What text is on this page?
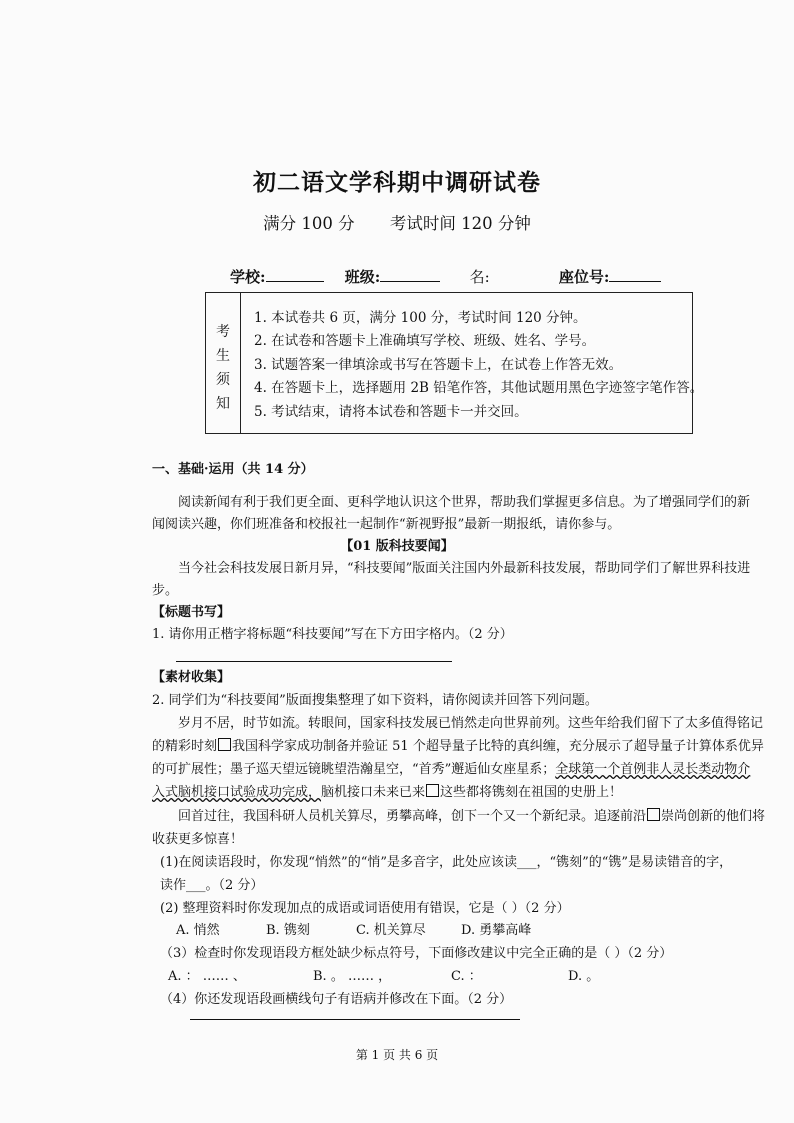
初二语文学科期中调研试卷
满分 100 分 考试时间 120 分钟
学校:	班级:	名:	座位号:
考
生
须
知
1. 本试卷共 6 页，满分 100 分，考试时间 120 分钟。
2. 在试卷和答题卡上准确填写学校、班级、姓名、学号。
3. 试题答案一律填涂或书写在答题卡上，在试卷上作答无效。
4. 在答题卡上，选择题用 2B 铅笔作答，其他试题用黑色字迹签字笔作答。
5. 考试结束，请将本试卷和答题卡一并交回。
一、基础·运用（共 14 分）
阅读新闻有利于我们更全面、更科学地认识这个世界，帮助我们掌握更多信息。为了增强同学们的新
闻阅读兴趣，你们班准备和校报社一起制作“新视野报”最新一期报纸，请你参与。
【01 版科技要闻】
当今社会科技发展日新月异，“科技要闻”版面关注国内外最新科技发展，帮助同学们了解世界科技进
步。
【标题书写】
1. 请你用正楷字将标题“科技要闻”写在下方田字格内。（2 分）
【素材收集】
2. 同学们为“科技要闻”版面搜集整理了如下资料，请你阅读并回答下列问题。
岁月不居，时节如流。转眼间，国家科技发展已悄然走向世界前列。这些年给我们留下了太多值得铭记
的精彩时刻 我国科学家成功制备并验证 51 个超导量子比特的真纠缠，充分展示了超导量子计算体系优异
的可扩展性；墨子巡天望远镜眺望浩瀚星空，“首秀”邂逅仙女座星系；全球第一个首例非人灵长类动物介
入式脑机接口试验成功完成，脑机接口未来已来 这些都将镌刻在祖国的史册上！
回首过往，我国科研人员机关算尽，勇攀高峰，创下一个又一个新纪录。追逐前沿 崇尚创新的他们将
收获更多惊喜！
(1)在阅读语段时，你发现“悄然”的“悄”是多音字，此处应该读___，“镌刻”的“镌”是易读错音的字，
读作___。（2 分）
(2) 整理资料时你发现加点的成语或词语使用有错误，它是（ ）（2 分）
A. 悄然	B. 镌刻	C. 机关算尽	D. 勇攀高峰
（3）检查时你发现语段方框处缺少标点符号，下面修改建议中完全正确的是（ ）（2 分）
A. ： …… 、	B. 。 …… ，	C. ：	D. 。
（4）你还发现语段画横线句子有语病并修改在下面。（2 分）
第 1 页 共 6 页
